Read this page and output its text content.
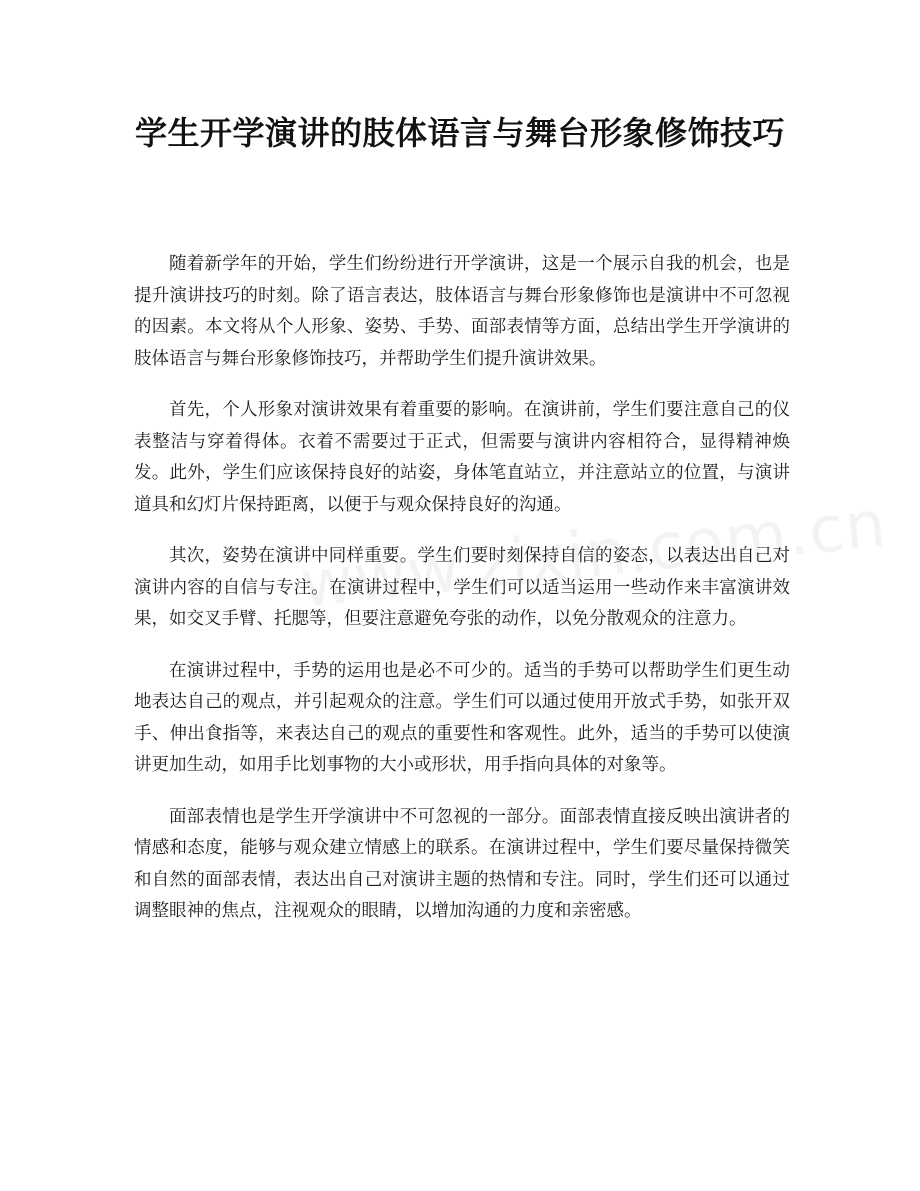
学生开学演讲的肢体语言与舞台形象修饰技巧

随着新学年的开始，学生们纷纷进行开学演讲，这是一个展示自我的机会，也是提升演讲技巧的时刻。除了语言表达，肢体语言与舞台形象修饰也是演讲中不可忽视的因素。本文将从个人形象、姿势、手势、面部表情等方面，总结出学生开学演讲的肢体语言与舞台形象修饰技巧，并帮助学生们提升演讲效果。

首先，个人形象对演讲效果有着重要的影响。在演讲前，学生们要注意自己的仪表整洁与穿着得体。衣着不需要过于正式，但需要与演讲内容相符合，显得精神焕发。此外，学生们应该保持良好的站姿，身体笔直站立，并注意站立的位置，与演讲道具和幻灯片保持距离，以便于与观众保持良好的沟通。

其次，姿势在演讲中同样重要。学生们要时刻保持自信的姿态，以表达出自己对演讲内容的自信与专注。在演讲过程中，学生们可以适当运用一些动作来丰富演讲效果，如交叉手臂、托腮等，但要注意避免夸张的动作，以免分散观众的注意力。

在演讲过程中，手势的运用也是必不可少的。适当的手势可以帮助学生们更生动地表达自己的观点，并引起观众的注意。学生们可以通过使用开放式手势，如张开双手、伸出食指等，来表达自己的观点的重要性和客观性。此外，适当的手势可以使演讲更加生动，如用手比划事物的大小或形状，用手指向具体的对象等。

面部表情也是学生开学演讲中不可忽视的一部分。面部表情直接反映出演讲者的情感和态度，能够与观众建立情感上的联系。在演讲过程中，学生们要尽量保持微笑和自然的面部表情，表达出自己对演讲主题的热情和专注。同时，学生们还可以通过调整眼神的焦点，注视观众的眼睛，以增加沟通的力度和亲密感。
